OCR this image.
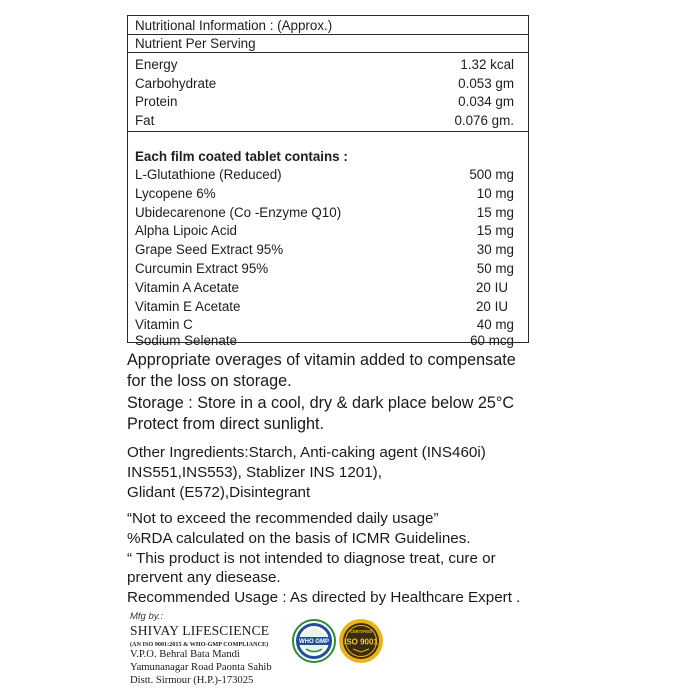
Nutritional Information : (Approx.)
Nutrient Per Serving
Energy	1.32 kcal
Carbohydrate	0.053 gm
Protein	0.034 gm
Fat	0.076 gm.
Each film coated tablet contains :
L-Glutathione (Reduced)	500 mg
Lycopene 6%	10 mg
Ubidecarenone (Co -Enzyme Q10)	15 mg
Alpha Lipoic Acid	15 mg
Grape Seed Extract 95%	30 mg
Curcumin Extract 95%	50 mg
Vitamin A Acetate	20 IU
Vitamin E Acetate	20 IU
Vitamin C	40 mg
Sodium Selenate	60 mcg
Appropriate overages of vitamin added to compensate
for the loss on storage.
Storage : Store in a cool, dry & dark place below 25°C
Protect from direct sunlight.
Other Ingredients:Starch, Anti-caking agent (INS460i)
INS551,INS553), Stablizer INS 1201),
Glidant (E572),Disintegrant
“Not to exceed the recommended daily usage”
%RDA calculated on the basis of ICMR Guidelines.
“ This product is not intended to diagnose treat, cure or
prervent any diesease.
Recommended Usage : As directed by Healthcare Expert .
Mfg by.:
SHIVAY LIFESCIENCE
(AN ISO 9001:2015 & WHO-GMP COMPLIANCE)
V.P.O. Behral Bata Mandi
Yamunanagar Road Paonta Sahib
Distt. Sirmour (H.P.)-173025
WHO GMP
CERTIFIED
ISO 9001
